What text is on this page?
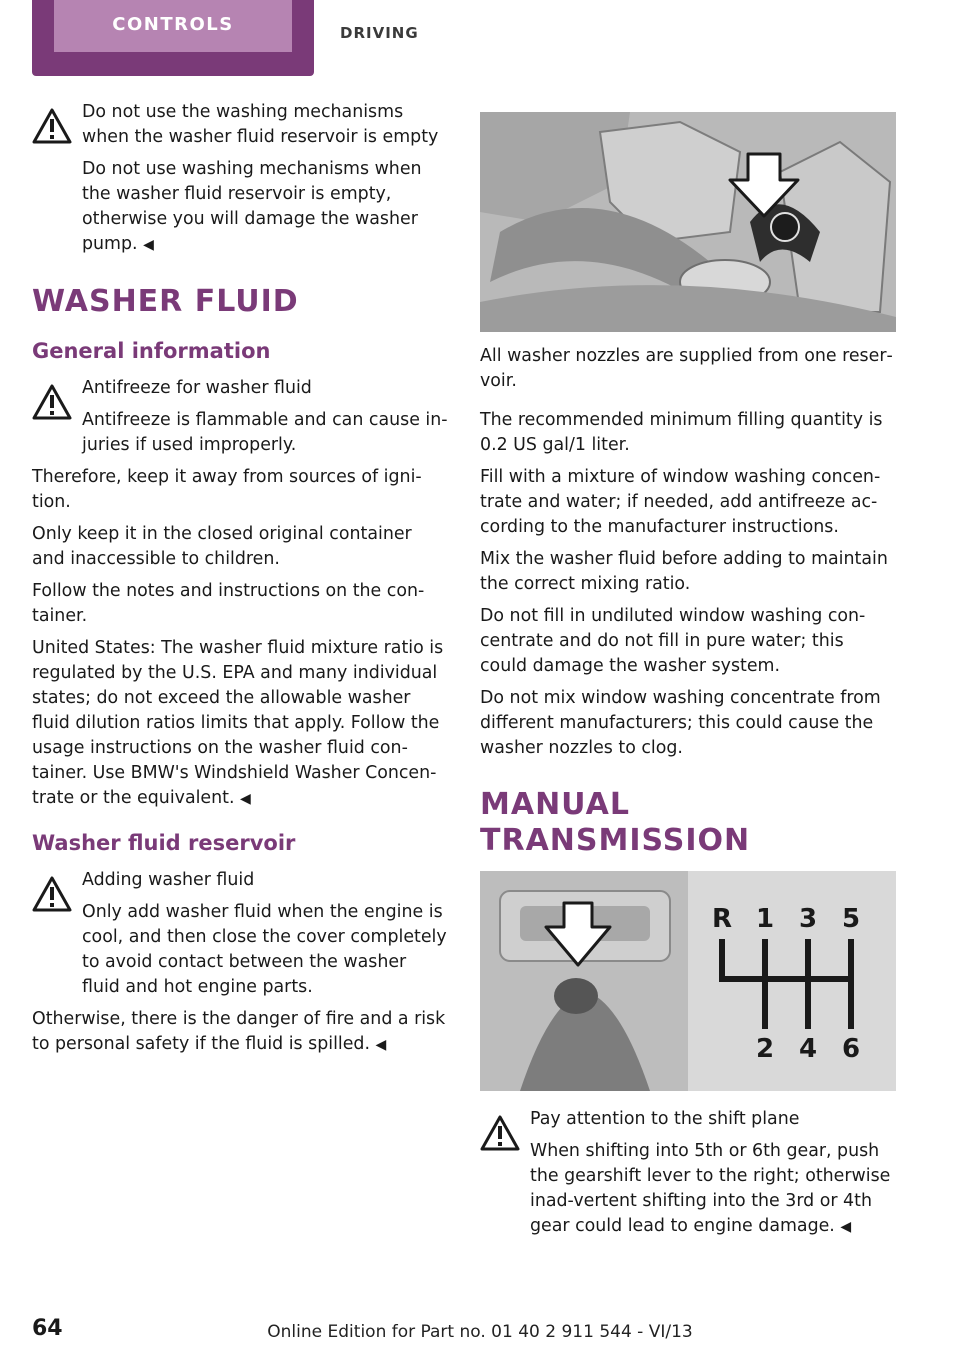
CONTROLS	DRIVING

Do not use the washing mechanisms when the washer fluid reservoir is empty

Do not use washing mechanisms when the washer fluid reservoir is empty, otherwise you will damage the washer pump. ◀

WASHER FLUID
General information

Antifreeze for washer fluid

Antifreeze is flammable and can cause in‐juries if used improperly.

Therefore, keep it away from sources of igni‐tion.

Only keep it in the closed original container and inaccessible to children.

Follow the notes and instructions on the con‐tainer.

United States: The washer fluid mixture ratio is regulated by the U.S. EPA and many individual states; do not exceed the allowable washer fluid dilution ratios limits that apply. Follow the usage instructions on the washer fluid con‐tainer. Use BMW's Windshield Washer Concen‐trate or the equivalent. ◀

Washer fluid reservoir

Adding washer fluid

Only add washer fluid when the engine is cool, and then close the cover completely to avoid contact between the washer fluid and hot engine parts.

Otherwise, there is the danger of fire and a risk to personal safety if the fluid is spilled. ◀

All washer nozzles are supplied from one reser‐voir.

The recommended minimum filling quantity is 0.2 US gal/1 liter.

Fill with a mixture of window washing concen‐trate and water; if needed, add antifreeze ac‐cording to the manufacturer instructions.

Mix the washer fluid before adding to maintain the correct mixing ratio.

Do not fill in undiluted window washing con‐centrate and do not fill in pure water; this could damage the washer system.

Do not mix window washing concentrate from different manufacturers; this could cause the washer nozzles to clog.

MANUAL TRANSMISSION
R 1 3 5
2 4 6

Pay attention to the shift plane

When shifting into 5th or 6th gear, push the gearshift lever to the right; otherwise inad‐vertent shifting into the 3rd or 4th gear could lead to engine damage. ◀

64	Online Edition for Part no. 01 40 2 911 544 - VI/13
